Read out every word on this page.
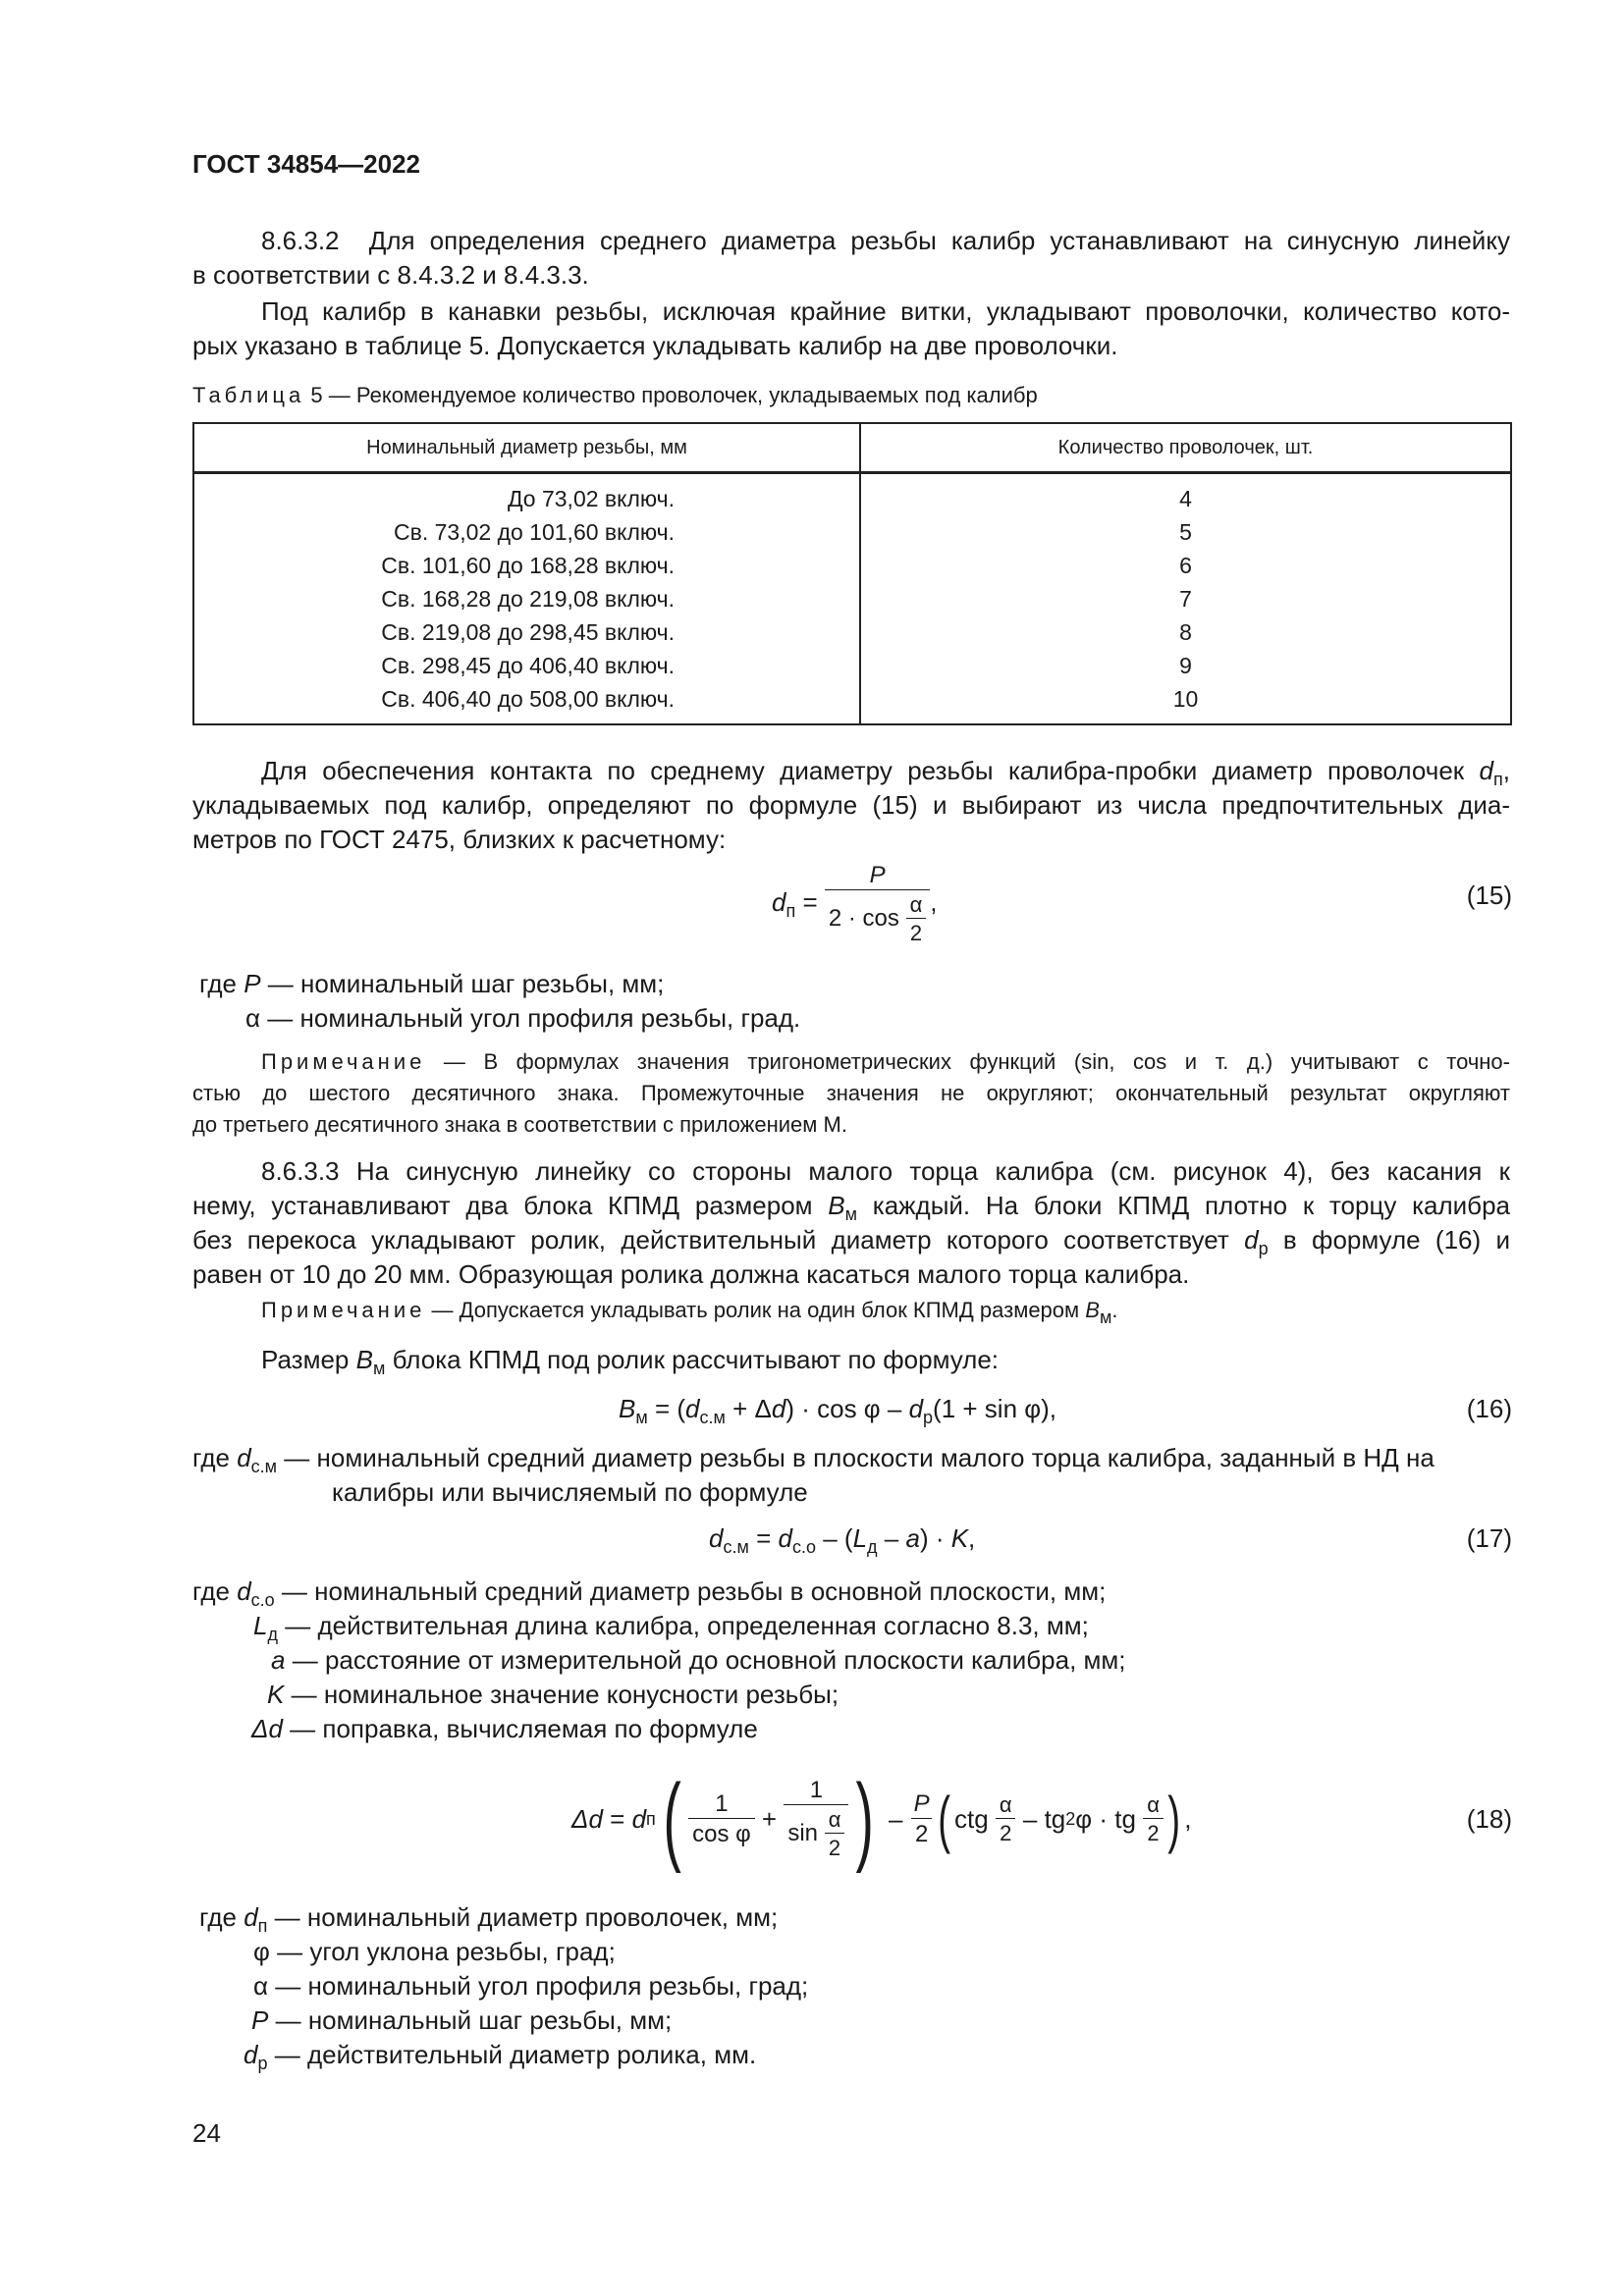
ГОСТ 34854—2022
8.6.3.2 Для определения среднего диаметра резьбы калибр устанавливают на синусную линейку
в соответствии с 8.4.3.2 и 8.4.3.3.
Под калибр в канавки резьбы, исключая крайние витки, укладывают проволочки, количество кото-
рых указано в таблице 5. Допускается укладывать калибр на две проволочки.
Таблица 5 — Рекомендуемое количество проволочек, укладываемых под калибр
Номинальный диаметр резьбы, мм	Количество проволочек, шт.
До 73,02 включ.	4
Св. 73,02 до 101,60 включ.	5
Св. 101,60 до 168,28 включ.	6
Св. 168,28 до 219,08 включ.	7
Св. 219,08 до 298,45 включ.	8
Св. 298,45 до 406,40 включ.	9
Св. 406,40 до 508,00 включ.	10
Для обеспечения контакта по среднему диаметру резьбы калибра-пробки диаметр проволочек $d_п$,
укладываемых под калибр, определяют по формуле (15) и выбирают из числа предпочтительных диа-
метров по ГОСТ 2475, близких к расчетному:
$d_п = \frac{P}{2 \cdot \cos \frac{\alpha}{2}}$ ,	(15)
где P — номинальный шаг резьбы, мм;
α — номинальный угол профиля резьбы, град.
Примечание — В формулах значения тригонометрических функций (sin, cos и т. д.) учитывают с точно-
стью до шестого десятичного знака. Промежуточные значения не округляют; окончательный результат округляют
до третьего десятичного знака в соответствии с приложением М.
8.6.3.3 На синусную линейку со стороны малого торца калибра (см. рисунок 4), без касания к
нему, устанавливают два блока КПМД размером $B_м$ каждый. На блоки КПМД плотно к торцу калибра
без перекоса укладывают ролик, действительный диаметр которого соответствует $d_р$ в формуле (16) и
равен от 10 до 20 мм. Образующая ролика должна касаться малого торца калибра.
Примечание — Допускается укладывать ролик на один блок КПМД размером $B_м$.
Размер $B_м$ блока КПМД под ролик рассчитывают по формуле:
$B_м = (d_{с.м} + \Delta d) \cdot \cos \varphi - d_р(1 + \sin \varphi)$,	(16)
где $d_{с.м}$ — номинальный средний диаметр резьбы в плоскости малого торца калибра, заданный в НД на
калибры или вычисляемый по формуле
$d_{с.м} = d_{с.о} - (L_д - a) \cdot K$,	(17)
где $d_{с.о}$ — номинальный средний диаметр резьбы в основной плоскости, мм;
$L_д$ — действительная длина калибра, определенная согласно 8.3, мм;
a — расстояние от измерительной до основной плоскости калибра, мм;
K — номинальное значение конусности резьбы;
Δd — поправка, вычисляемая по формуле
Δd
=
d п ( $\frac{1}{\text{cos φ}}$
+
$\frac{1}{\sin \frac{\alpha}{2}}$ )
–
$\frac{P}{2}$ ( ctg
$\frac{\alpha}{2}$
–
tg 2 φ
·
tg
$\frac{\alpha}{2}$ ) ,	(18)
где $d_п$ — номинальный диаметр проволочек, мм;
φ — угол уклона резьбы, град;
α — номинальный угол профиля резьбы, град;
P — номинальный шаг резьбы, мм;
$d_р$ — действительный диаметр ролика, мм.
24
